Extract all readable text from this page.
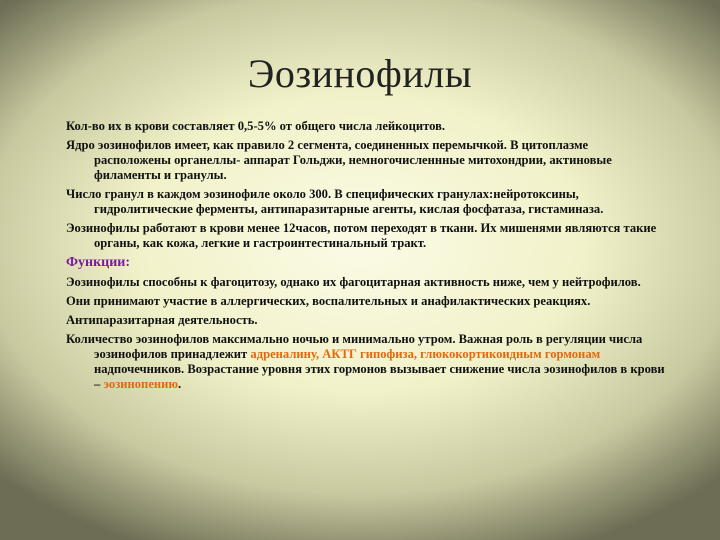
Эозинофилы

Кол-во их в крови составляет 0,5-5% от общего числа лейкоцитов.

Ядро эозинофилов имеет, как правило 2 сегмента, соединенных перемычкой. В цитоплазме расположены органеллы- аппарат Гольджи, немногочисленнные митохондрии, актиновые филаменты и гранулы.

Число гранул в каждом эозинофиле около 300. В специфических гранулах:нейротоксины, гидролитические ферменты, антипаразитарные агенты, кислая фосфатаза, гистаминаза.

Эозинофилы работают в крови менее 12часов, потом переходят в ткани. Их мишенями являются такие органы, как кожа, легкие и гастроинтестинальный тракт.

Функции:

Эозинофилы способны к фагоцитозу, однако их фагоцитарная активность ниже, чем у нейтрофилов.

Они принимают участие в аллергических, воспалительных и анафилактических реакциях.

Антипаразитарная деятельность.

Количество эозинофилов максимально ночью и минимально утром. Важная роль в регуляции числа эозинофилов принадлежит адреналину, АКТГ гипофиза, глюкокортикоидным гормонам надпочечников. Возрастание уровня этих гормонов вызывает снижение числа эозинофилов в крови – эозинопению.
